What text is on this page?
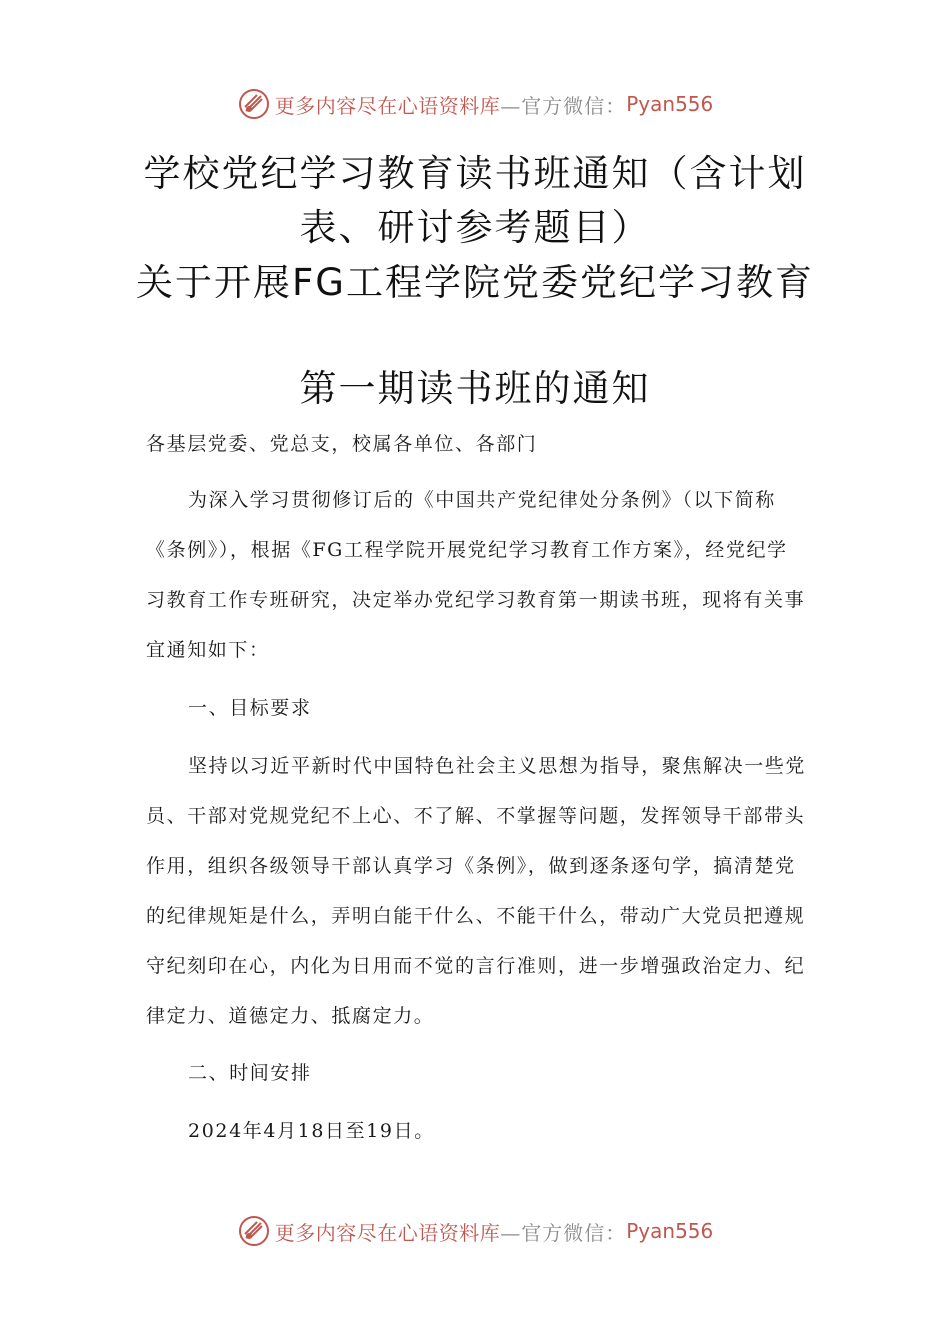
更多内容尽在心语资料库 —官方微信： Pyan556
学校党纪学习教育读书班通知（含计划表、研讨参考题目）
关于开展FG工程学院党委党纪学习教育
第一期读书班的通知

各基层党委、党总支，校属各单位、各部门

为深入学习贯彻修订后的《中国共产党纪律处分条例》（以下简称《条例》），根据《FG工程学院开展党纪学习教育工作方案》，经党纪学习教育工作专班研究，决定举办党纪学习教育第一期读书班，现将有关事宜通知如下：

一、目标要求

坚持以习近平新时代中国特色社会主义思想为指导，聚焦解决一些党员、干部对党规党纪不上心、不了解、不掌握等问题，发挥领导干部带头作用，组织各级领导干部认真学习《条例》，做到逐条逐句学，搞清楚党的纪律规矩是什么，弄明白能干什么、不能干什么，带动广大党员把遵规守纪刻印在心，内化为日用而不觉的言行准则，进一步增强政治定力、纪律定力、道德定力、抵腐定力。

二、时间安排

2024年4月18日至19日。

更多内容尽在心语资料库 —官方微信： Pyan556
